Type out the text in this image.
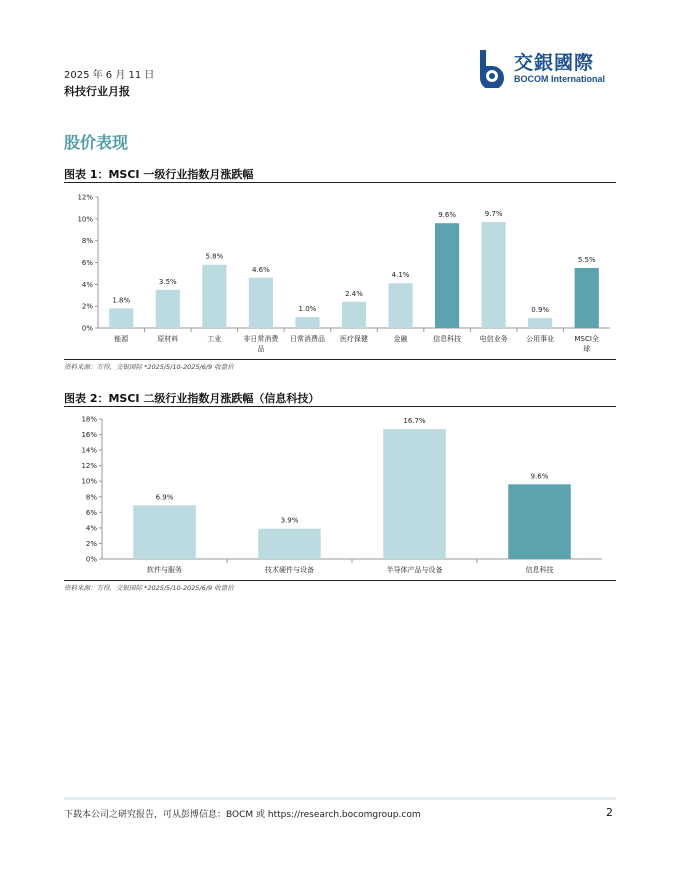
2025 年 6 月 11 日
科技行业月报
交銀國際
BOCOM International
股价表现
图表 1：MSCI 一级行业指数月涨跌幅
0%
2%
4%
6%
8%
10%
12%
1.8%
能源
3.5%
原材料
5.8%
工业
4.6%
非日常消费
品
1.0%
日常消费品
2.4%
医疗保健
4.1%
金融
9.6%
信息科技
9.7%
电信业务
0.9%
公用事业
5.5%
MSCI全
球
资料来源：万得，交银国际 *2025/5/10-2025/6/9 收盘价
图表 2：MSCI 二级行业指数月涨跌幅（信息科技）
0%
2%
4%
6%
8%
10%
12%
14%
16%
18%
6.9%
软件与服务
3.9%
技术硬件与设备
16.7%
半导体产品与设备
9.6%
信息科技
资料来源：万得，交银国际 *2025/5/10-2025/6/9 收盘价
下载本公司之研究报告，可从彭博信息：BOCM 或 https://research.bocomgroup.com	2
